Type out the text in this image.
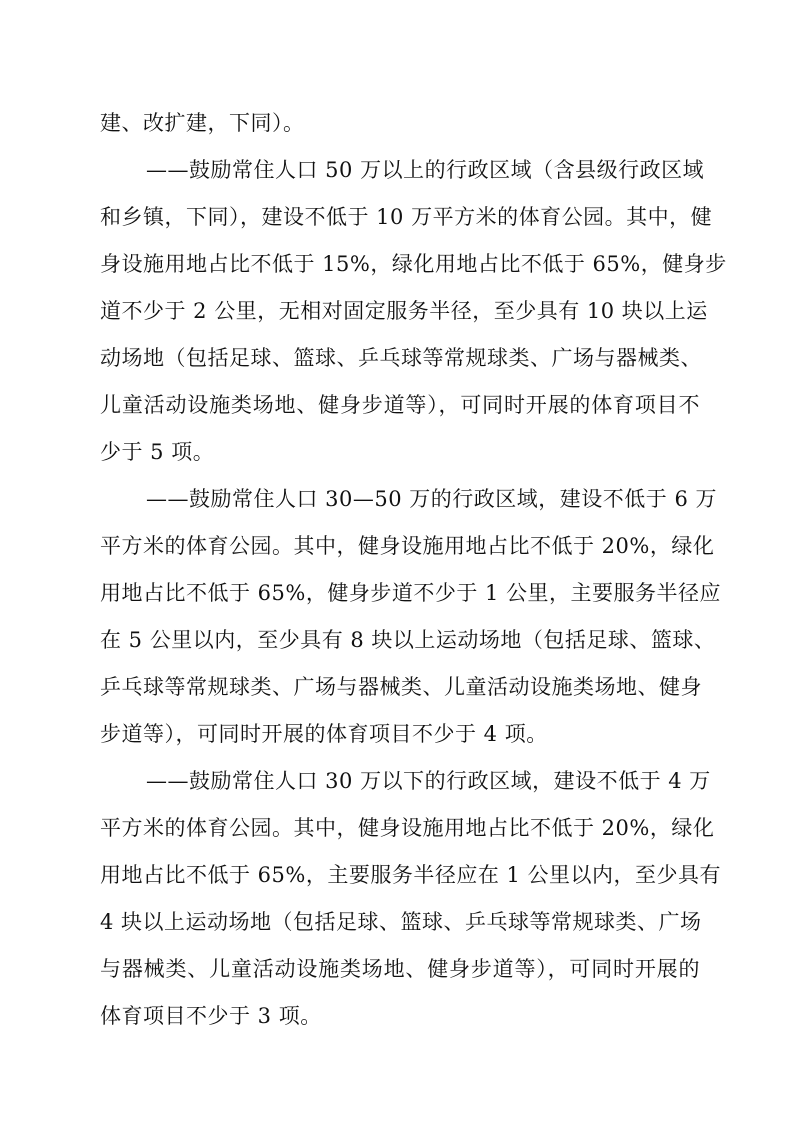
建、改扩建，下同）。
——鼓励常住人口 50 万以上的行政区域（含县级行政区域
和乡镇，下同），建设不低于 10 万平方米的体育公园。其中，健
身设施用地占比不低于 15%，绿化用地占比不低于 65%，健身步
道不少于 2 公里，无相对固定服务半径，至少具有 10 块以上运
动场地（包括足球、篮球、乒乓球等常规球类、广场与器械类、
儿童活动设施类场地、健身步道等），可同时开展的体育项目不
少于 5 项。
——鼓励常住人口 30—50 万的行政区域，建设不低于 6 万
平方米的体育公园。其中，健身设施用地占比不低于 20%，绿化
用地占比不低于 65%，健身步道不少于 1 公里，主要服务半径应
在 5 公里以内，至少具有 8 块以上运动场地（包括足球、篮球、
乒乓球等常规球类、广场与器械类、儿童活动设施类场地、健身
步道等），可同时开展的体育项目不少于 4 项。
——鼓励常住人口 30 万以下的行政区域，建设不低于 4 万
平方米的体育公园。其中，健身设施用地占比不低于 20%，绿化
用地占比不低于 65%，主要服务半径应在 1 公里以内，至少具有
4 块以上运动场地（包括足球、篮球、乒乓球等常规球类、广场
与器械类、儿童活动设施类场地、健身步道等），可同时开展的
体育项目不少于 3 项。
